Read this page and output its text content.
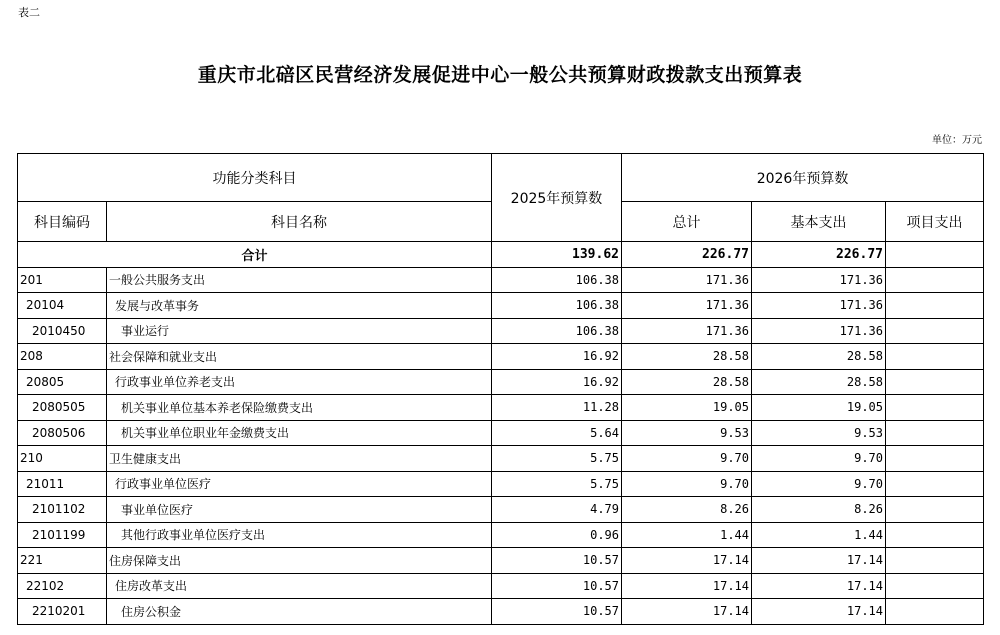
表二
重庆市北碚区民营经济发展促进中心一般公共预算财政拨款支出预算表
单位：万元
功能分类科目		2025年预算数	2026年预算数		
科目编码	科目名称		总计	基本支出	项目支出
合计		139.62	226.77	226.77	
201	一般公共服务支出	106.38	171.36	171.36	
20104	发展与改革事务	106.38	171.36	171.36	
2010450	事业运行	106.38	171.36	171.36	
208	社会保障和就业支出	16.92	28.58	28.58	
20805	行政事业单位养老支出	16.92	28.58	28.58	
2080505	机关事业单位基本养老保险缴费支出	11.28	19.05	19.05	
2080506	机关事业单位职业年金缴费支出	5.64	9.53	9.53	
210	卫生健康支出	5.75	9.70	9.70	
21011	行政事业单位医疗	5.75	9.70	9.70	
2101102	事业单位医疗	4.79	8.26	8.26	
2101199	其他行政事业单位医疗支出	0.96	1.44	1.44	
221	住房保障支出	10.57	17.14	17.14	
22102	住房改革支出	10.57	17.14	17.14	
2210201	住房公积金	10.57	17.14	17.14	
